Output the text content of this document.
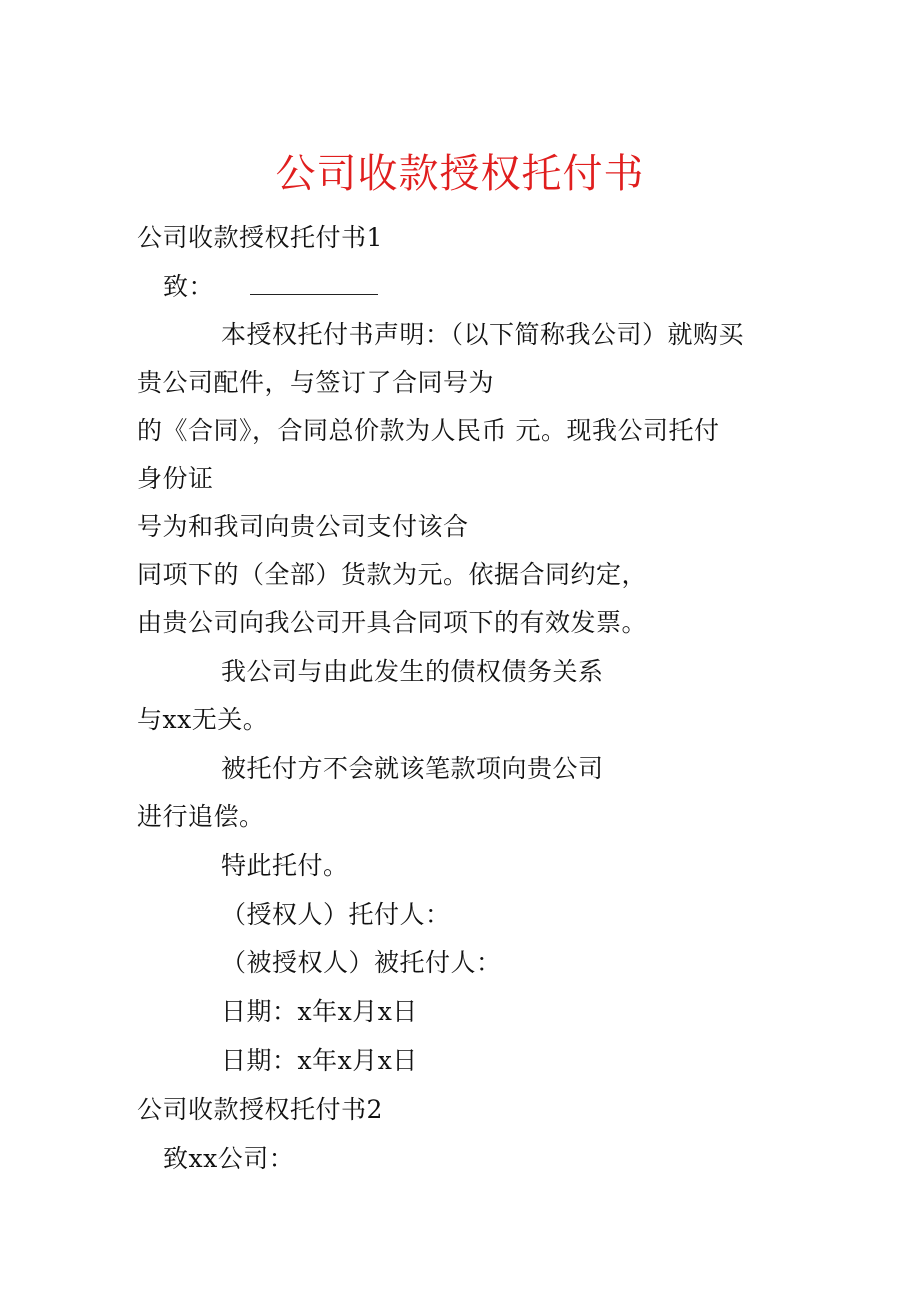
公司收款授权托付书
公司收款授权托付书1
致：
本授权托付书声明：（以下简称我公司）就购买
贵公司配件，与签订了合同号为
的《合同》，合同总价款为人民币 元。现我公司托付
身份证
号为和我司向贵公司支付该合
同项下的（全部）货款为元。依据合同约定，
由贵公司向我公司开具合同项下的有效发票。
我公司与由此发生的债权债务关系
与xx无关。
被托付方不会就该笔款项向贵公司
进行追偿。
特此托付。
（授权人）托付人：
（被授权人）被托付人：
日期：x年x月x日
日期：x年x月x日
公司收款授权托付书2
致xx公司：
